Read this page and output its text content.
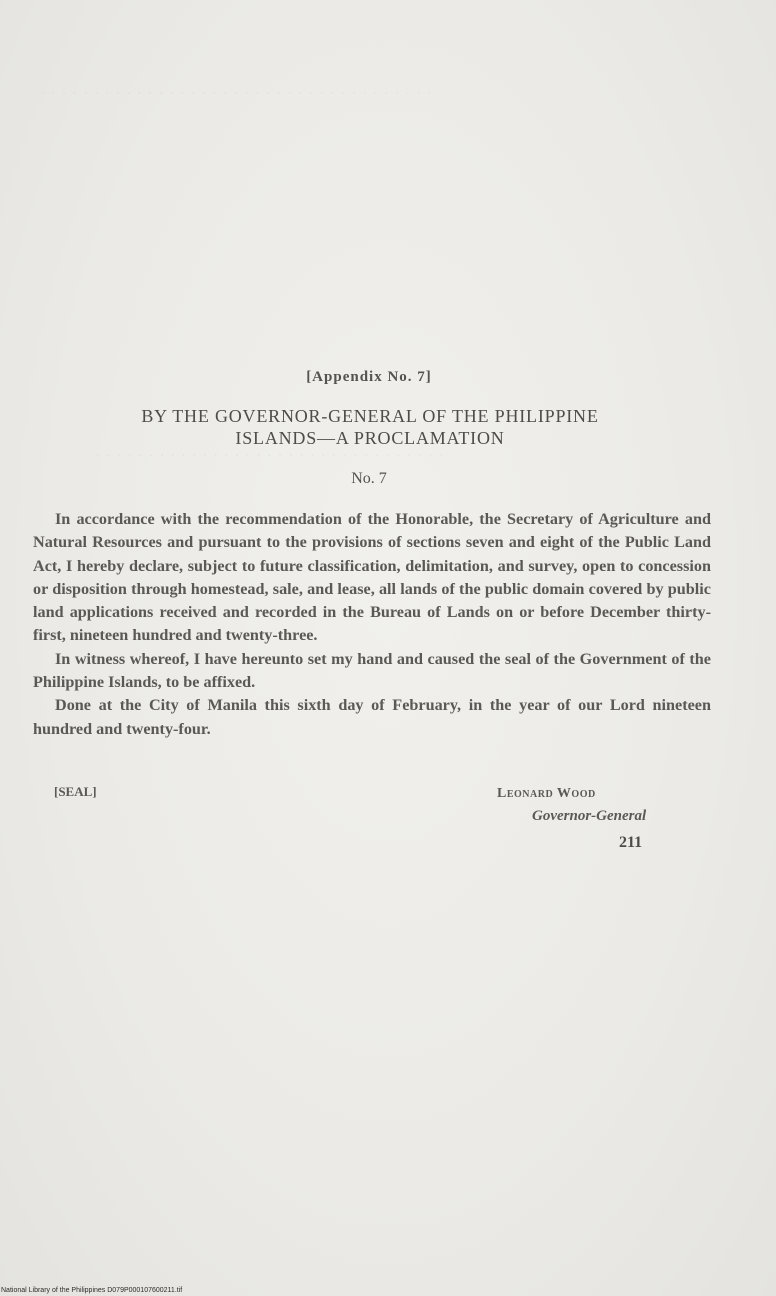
[Appendix No. 7]
BY THE GOVERNOR-GENERAL OF THE PHILIPPINE
ISLANDS—A PROCLAMATION
No. 7

In accordance with the recommendation of the Honorable, the Secretary of Agriculture and Natural Resources and pursuant to the provisions of sections seven and eight of the Public Land Act, I hereby declare, subject to future classification, delimitation, and survey, open to concession or disposition through homestead, sale, and lease, all lands of the public domain covered by public land applications received and recorded in the Bureau of Lands on or before December thirty-first, nineteen hundred and twenty-three.

In witness whereof, I have hereunto set my hand and caused the seal of the Government of the Philippine Islands, to be affixed.

Done at the City of Manila this sixth day of February, in the year of our Lord nineteen hundred and twenty-four.

[SEAL]	Leonard Wood
Governor-General
211
National Library of the Philippines D079P000107600211.tif
